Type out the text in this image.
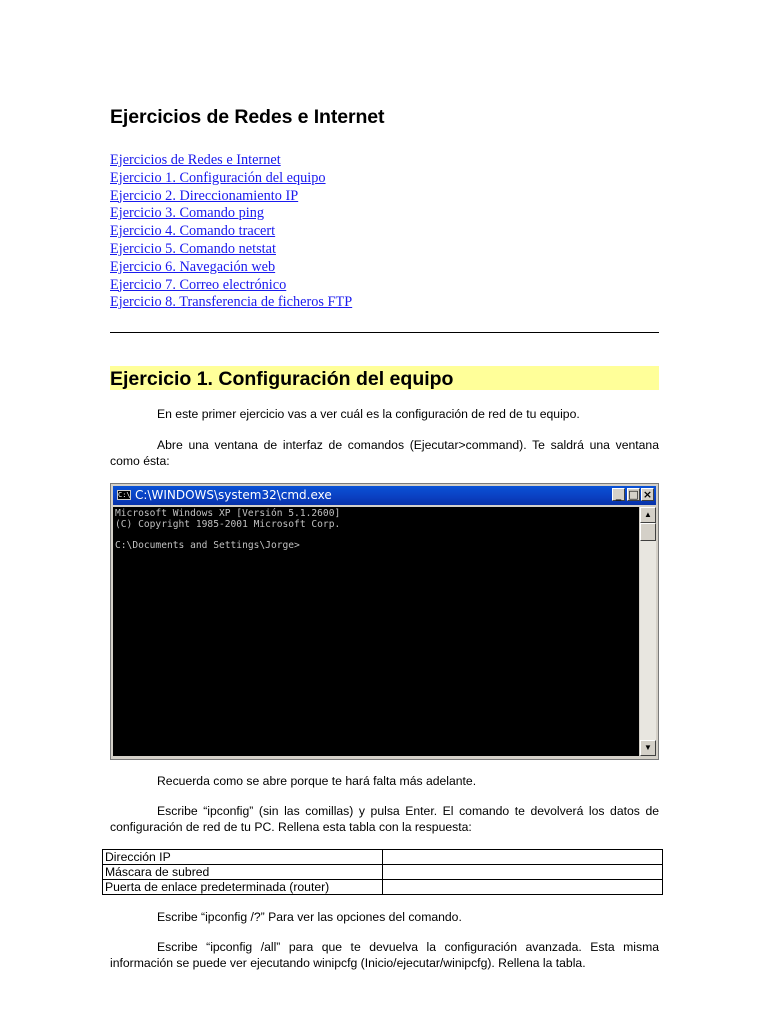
Ejercicios de Redes e Internet
Ejercicios de Redes e Internet
Ejercicio 1. Configuración del equipo
Ejercicio 2. Direccionamiento IP
Ejercicio 3. Comando ping
Ejercicio 4. Comando tracert
Ejercicio 5. Comando netstat
Ejercicio 6. Navegación web
Ejercicio 7. Correo electrónico
Ejercicio 8. Transferencia de ficheros FTP
Ejercicio 1. Configuración del equipo

En este primer ejercicio vas a ver cuál es la configuración de red de tu equipo.

Abre una ventana de interfaz de comandos (Ejecutar>command). Te saldrá una ventana como ésta:

C:\ C:\WINDOWS\system32\cmd.exe	_ □ ×
Microsoft Windows XP [Versión 5.1.2600]
(C) Copyright 1985-2001 Microsoft Corp.
C:\Documents and Settings\Jorge>
▲
▼

Recuerda como se abre porque te hará falta más adelante.

Escribe “ipconfig” (sin las comillas) y pulsa Enter. El comando te devolverá los datos de configuración de red de tu PC. Rellena esta tabla con la respuesta:

Dirección IP	
Máscara de subred	
Puerta de enlace predeterminada (router)	

Escribe “ipconfig /?” Para ver las opciones del comando.

Escribe “ipconfig /all” para que te devuelva la configuración avanzada. Esta misma información se puede ver ejecutando winipcfg (Inicio/ejecutar/winipcfg). Rellena la tabla.
